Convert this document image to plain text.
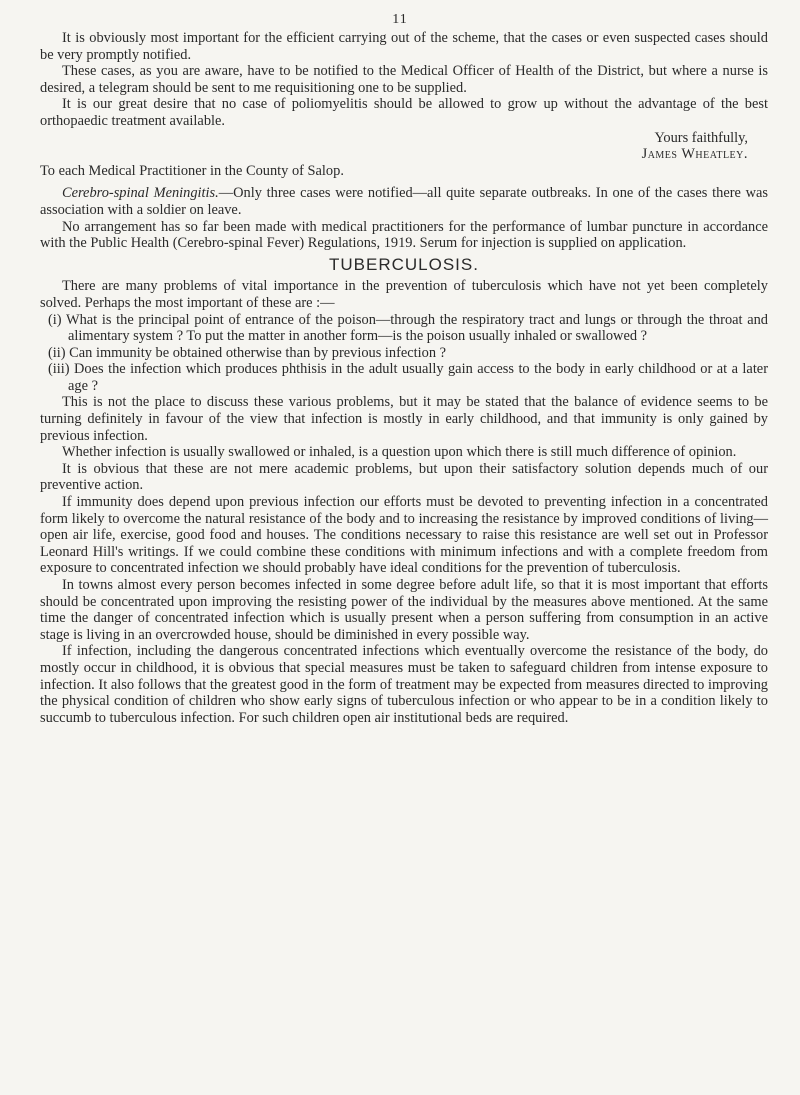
11

It is obviously most important for the efficient carrying out of the scheme, that the cases or even suspected cases should be very promptly notified.

These cases, as you are aware, have to be notified to the Medical Officer of Health of the District, but where a nurse is desired, a telegram should be sent to me requisitioning one to be supplied.

It is our great desire that no case of poliomyelitis should be allowed to grow up without the advantage of the best orthopaedic treatment available.

Yours faithfully,
James Wheatley.

To each Medical Practitioner in the County of Salop.

Cerebro-spinal Meningitis.—Only three cases were notified—all quite separate outbreaks. In one of the cases there was association with a soldier on leave.

No arrangement has so far been made with medical practitioners for the performance of lumbar puncture in accordance with the Public Health (Cerebro-spinal Fever) Regulations, 1919. Serum for injection is supplied on application.

TUBERCULOSIS.

There are many problems of vital importance in the prevention of tuberculosis which have not yet been completely solved. Perhaps the most important of these are :—

(i) What is the principal point of entrance of the poison—through the respiratory tract and lungs or through the throat and alimentary system ? To put the matter in another form—is the poison usually inhaled or swallowed ?

(ii) Can immunity be obtained otherwise than by previous infection ?

(iii) Does the infection which produces phthisis in the adult usually gain access to the body in early childhood or at a later age ?

This is not the place to discuss these various problems, but it may be stated that the balance of evidence seems to be turning definitely in favour of the view that infection is mostly in early childhood, and that immunity is only gained by previous infection.

Whether infection is usually swallowed or inhaled, is a question upon which there is still much difference of opinion.

It is obvious that these are not mere academic problems, but upon their satisfactory solution depends much of our preventive action.

If immunity does depend upon previous infection our efforts must be devoted to preventing infection in a concentrated form likely to overcome the natural resistance of the body and to increasing the resistance by improved conditions of living—open air life, exercise, good food and houses. The conditions necessary to raise this resistance are well set out in Professor Leonard Hill's writings. If we could combine these conditions with minimum infections and with a complete freedom from exposure to concentrated infection we should probably have ideal conditions for the prevention of tuberculosis.

In towns almost every person becomes infected in some degree before adult life, so that it is most important that efforts should be concentrated upon improving the resisting power of the individual by the measures above mentioned. At the same time the danger of concentrated infection which is usually present when a person suffering from consumption in an active stage is living in an overcrowded house, should be diminished in every possible way.

If infection, including the dangerous concentrated infections which eventually overcome the resistance of the body, do mostly occur in childhood, it is obvious that special measures must be taken to safeguard children from intense exposure to infection. It also follows that the greatest good in the form of treatment may be expected from measures directed to improving the physical condition of children who show early signs of tuberculous infection or who appear to be in a condition likely to succumb to tuberculous infection. For such children open air institutional beds are required.
